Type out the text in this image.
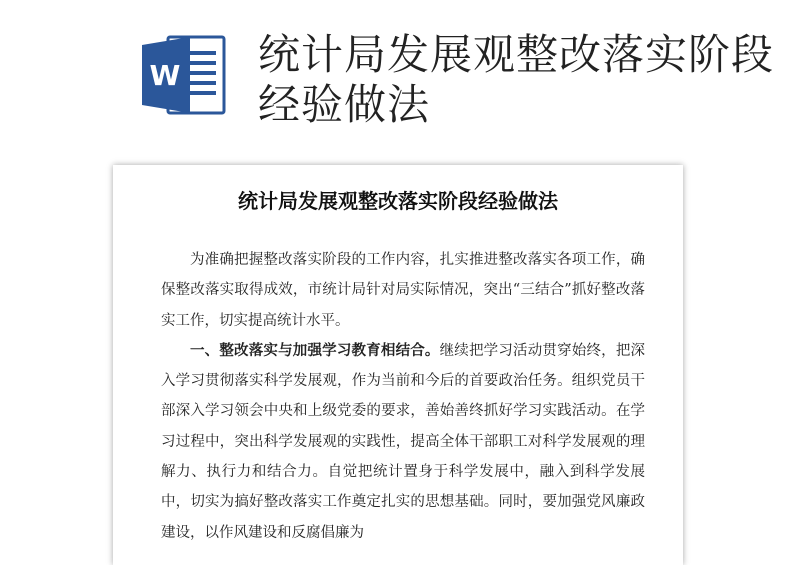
W 统计局发展观整改落实阶段经验做法
统计局发展观整改落实阶段经验做法

为准确把握整改落实阶段的工作内容，扎实推进整改落实各项工作，确保整改落实取得成效，市统计局针对局实际情况，突出“三结合”抓好整改落实工作，切实提高统计水平。

一、整改落实与加强学习教育相结合。继续把学习活动贯穿始终，把深入学习贯彻落实科学发展观，作为当前和今后的首要政治任务。组织党员干部深入学习领会中央和上级党委的要求，善始善终抓好学习实践活动。在学习过程中，突出科学发展观的实践性，提高全体干部职工对科学发展观的理解力、执行力和结合力。自觉把统计置身于科学发展中，融入到科学发展中，切实为搞好整改落实工作奠定扎实的思想基础。同时，要加强党风廉政建设，以作风建设和反腐倡廉为
